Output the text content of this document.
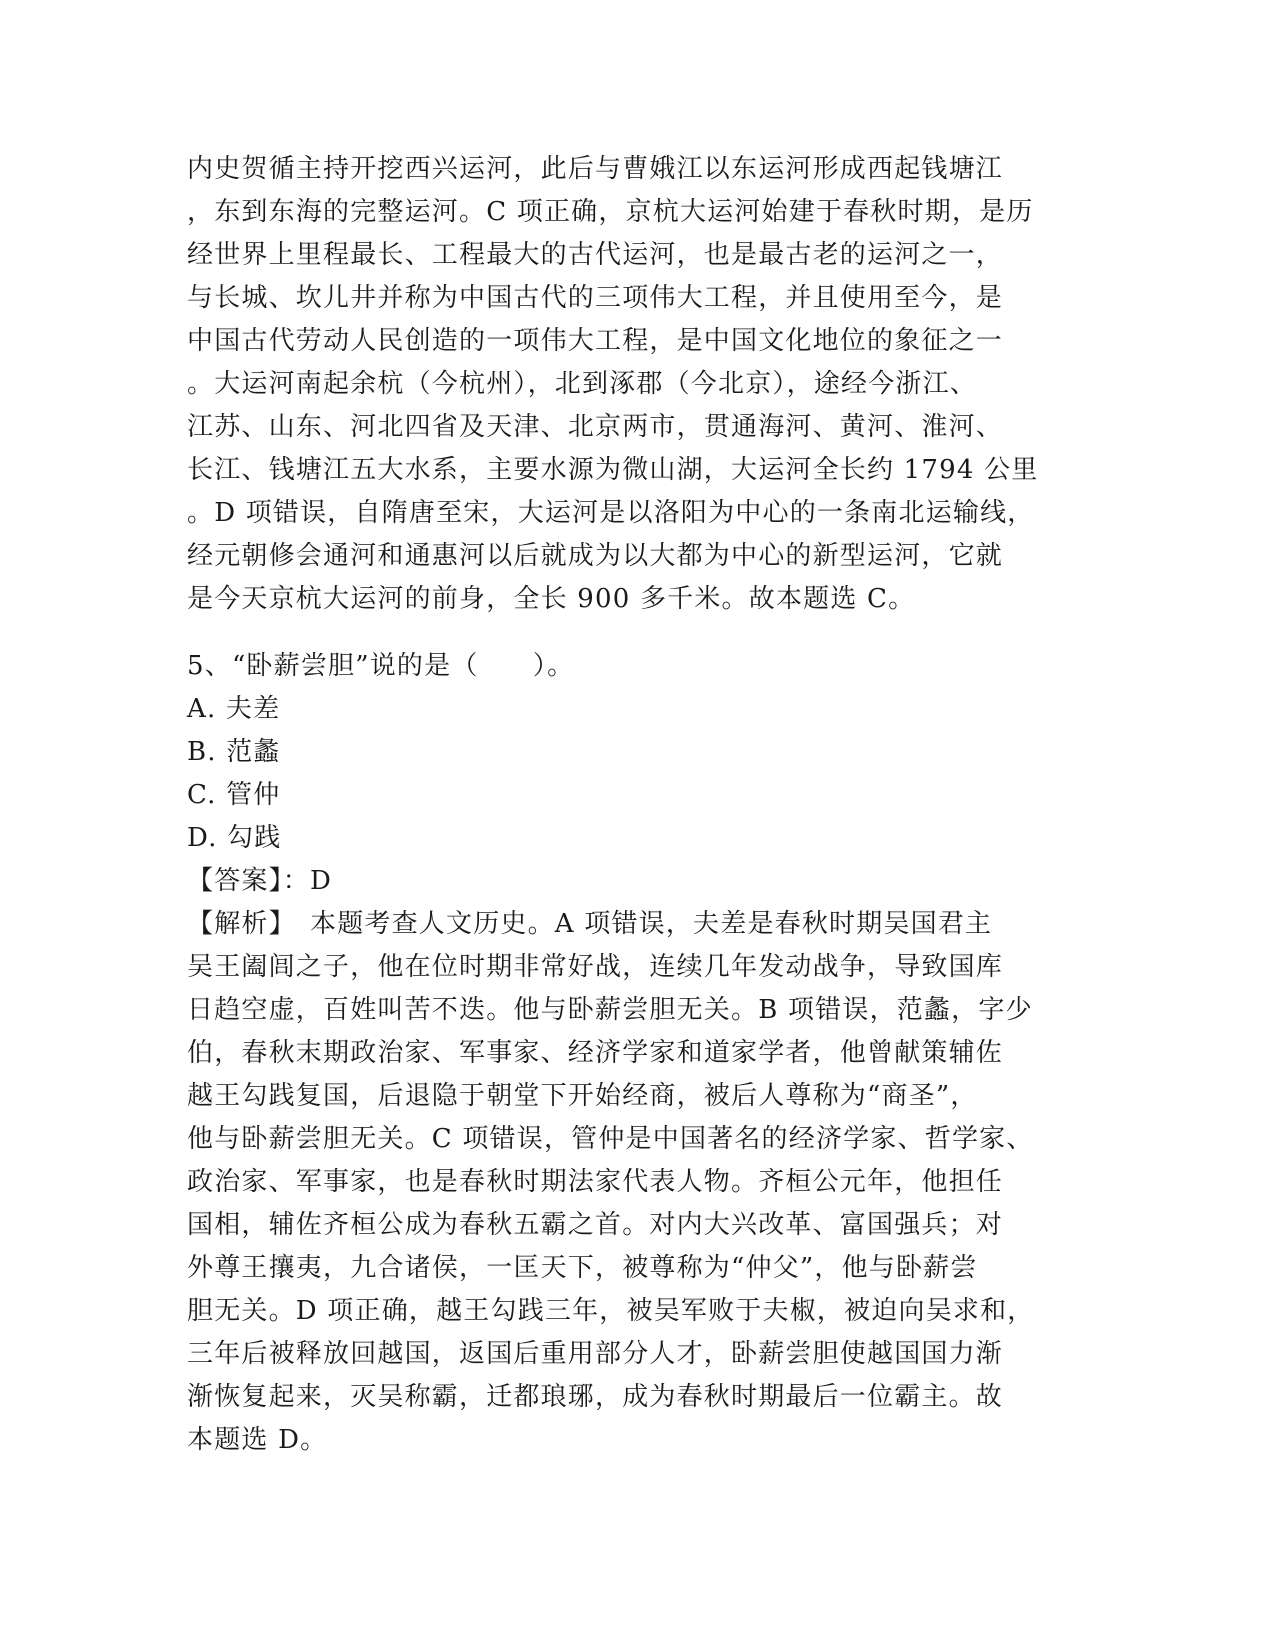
内史贺循主持开挖西兴运河，此后与曹娥江以东运河形成西起钱塘江
，东到东海的完整运河。C 项正确，京杭大运河始建于春秋时期，是历
经世界上里程最长、工程最大的古代运河，也是最古老的运河之一，
与长城、坎儿井并称为中国古代的三项伟大工程，并且使用至今，是
中国古代劳动人民创造的一项伟大工程，是中国文化地位的象征之一
。大运河南起余杭（今杭州），北到涿郡（今北京），途经今浙江、
江苏、山东、河北四省及天津、北京两市，贯通海河、黄河、淮河、
长江、钱塘江五大水系，主要水源为微山湖，大运河全长约 1794 公里
。D 项错误，自隋唐至宋，大运河是以洛阳为中心的一条南北运输线，
经元朝修会通河和通惠河以后就成为以大都为中心的新型运河，它就
是今天京杭大运河的前身，全长 900 多千米。故本题选 C。
5、“卧薪尝胆”说的是（　　）。
A. 夫差
B. 范蠡
C. 管仲
D. 勾践
【答案】：D
【解析】　本题考查人文历史。A 项错误，夫差是春秋时期吴国君主
吴王阖闾之子，他在位时期非常好战，连续几年发动战争，导致国库
日趋空虚，百姓叫苦不迭。他与卧薪尝胆无关。B 项错误，范蠡，字少
伯，春秋末期政治家、军事家、经济学家和道家学者，他曾献策辅佐
越王勾践复国，后退隐于朝堂下开始经商，被后人尊称为“商圣”，
他与卧薪尝胆无关。C 项错误，管仲是中国著名的经济学家、哲学家、
政治家、军事家，也是春秋时期法家代表人物。齐桓公元年，他担任
国相，辅佐齐桓公成为春秋五霸之首。对内大兴改革、富国强兵；对
外尊王攘夷，九合诸侯，一匡天下，被尊称为“仲父”，他与卧薪尝
胆无关。D 项正确，越王勾践三年，被吴军败于夫椒，被迫向吴求和，
三年后被释放回越国，返国后重用部分人才，卧薪尝胆使越国国力渐
渐恢复起来，灭吴称霸，迁都琅琊，成为春秋时期最后一位霸主。故
本题选 D。
